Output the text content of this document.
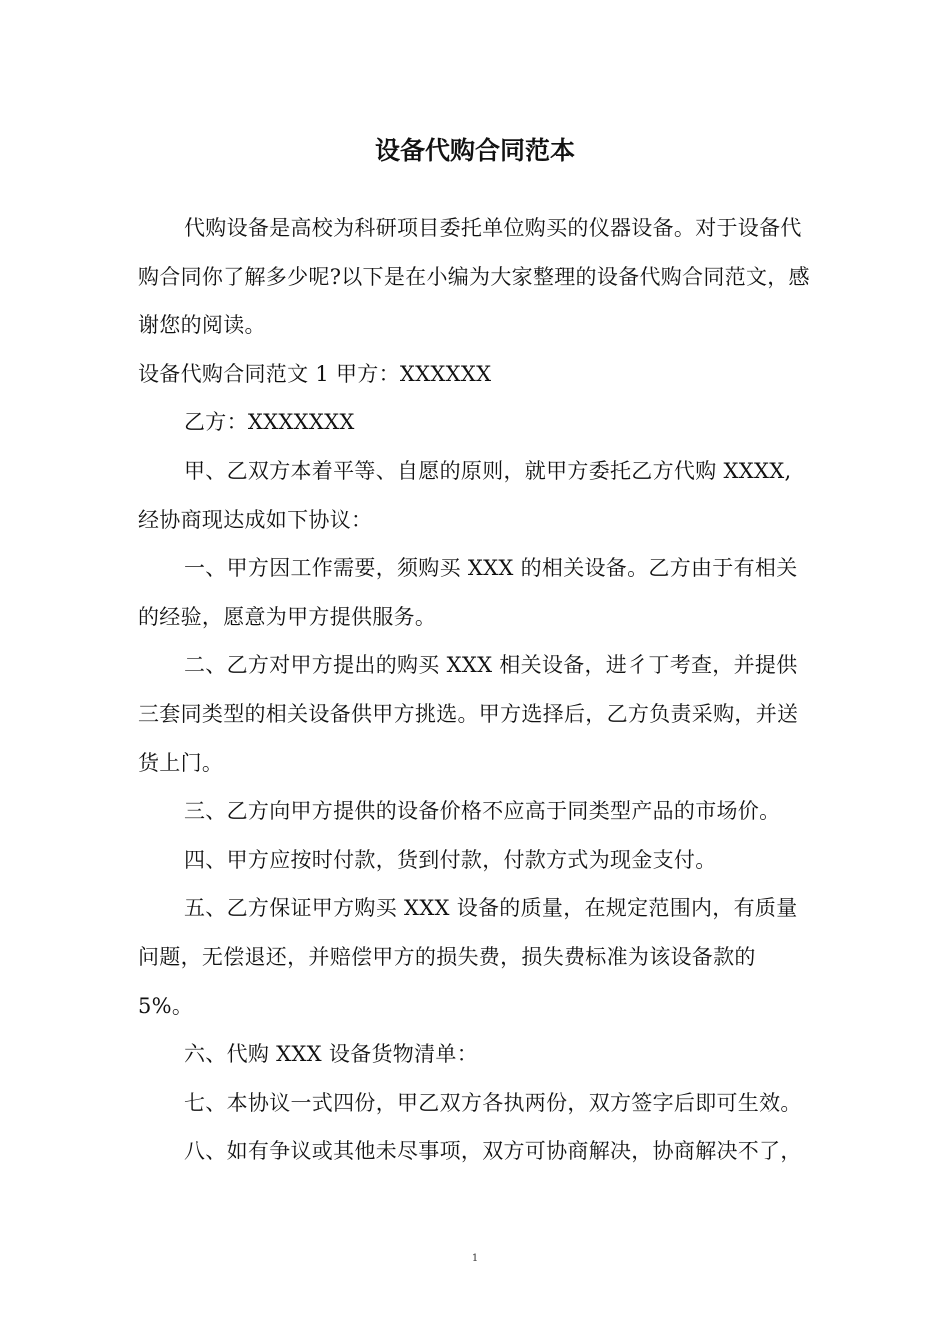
设备代购合同范本

代购设备是高校为科研项目委托单位购买的仪器设备。对于设备代购合同你了解多少呢?以下是在小编为大家整理的设备代购合同范文，感谢您的阅读。

设备代购合同范文 1 甲方：XXXXXX

乙方：XXXXXXX

甲、乙双方本着平等、自愿的原则，就甲方委托乙方代购 XXXX, 经协商现达成如下协议：

一、甲方因工作需要，须购买 XXX 的相关设备。乙方由于有相关的经验，愿意为甲方提供服务。

二、乙方对甲方提出的购买 XXX 相关设备，进彳丁考查，并提供三套同类型的相关设备供甲方挑选。甲方选择后，乙方负责采购，并送货上门。

三、乙方向甲方提供的设备价格不应高于同类型产品的市场价。

四、甲方应按时付款，货到付款，付款方式为现金支付。

五、乙方保证甲方购买 XXX 设备的质量，在规定范围内，有质量问题，无偿退还，并赔偿甲方的损失费，损失费标准为该设备款的 5%。

六、代购 XXX 设备货物清单：

七、本协议一式四份，甲乙双方各执两份，双方签字后即可生效。

八、如有争议或其他未尽事项，双方可协商解决，协商解决不了，

1
